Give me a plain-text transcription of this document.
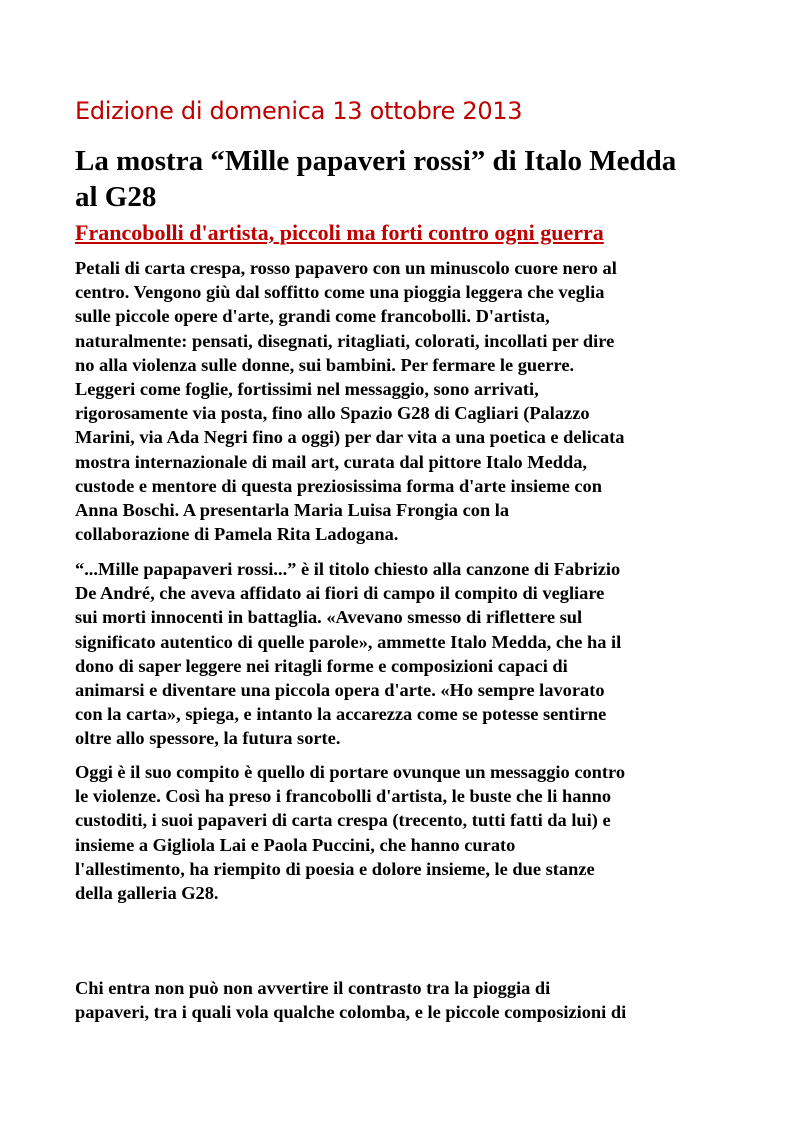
Edizione di domenica 13 ottobre 2013
La mostra “Mille papaveri rossi” di Italo Medda al G28
Francobolli d'artista, piccoli ma forti contro ogni guerra

Petali di carta crespa, rosso papavero con un minuscolo cuore nero al
centro. Vengono giù dal soffitto come una pioggia leggera che veglia
sulle piccole opere d'arte, grandi come francobolli. D'artista,
naturalmente: pensati, disegnati, ritagliati, colorati, incollati per dire
no alla violenza sulle donne, sui bambini. Per fermare le guerre.
Leggeri come foglie, fortissimi nel messaggio, sono arrivati,
rigorosamente via posta, fino allo Spazio G28 di Cagliari (Palazzo
Marini, via Ada Negri fino a oggi) per dar vita a una poetica e delicata
mostra internazionale di mail art, curata dal pittore Italo Medda,
custode e mentore di questa preziosissima forma d'arte insieme con
Anna Boschi. A presentarla Maria Luisa Frongia con la
collaborazione di Pamela Rita Ladogana.

“...Mille papapaveri rossi...” è il titolo chiesto alla canzone di Fabrizio
De André, che aveva affidato ai fiori di campo il compito di vegliare
sui morti innocenti in battaglia. «Avevano smesso di riflettere sul
significato autentico di quelle parole», ammette Italo Medda, che ha il
dono di saper leggere nei ritagli forme e composizioni capaci di
animarsi e diventare una piccola opera d'arte. «Ho sempre lavorato
con la carta», spiega, e intanto la accarezza come se potesse sentirne
oltre allo spessore, la futura sorte.

Oggi è il suo compito è quello di portare ovunque un messaggio contro
le violenze. Così ha preso i francobolli d'artista, le buste che li hanno
custoditi, i suoi papaveri di carta crespa (trecento, tutti fatti da lui) e
insieme a Gigliola Lai e Paola Puccini, che hanno curato
l'allestimento, ha riempito di poesia e dolore insieme, le due stanze
della galleria G28.

Chi entra non può non avvertire il contrasto tra la pioggia di
papaveri, tra i quali vola qualche colomba, e le piccole composizioni di
